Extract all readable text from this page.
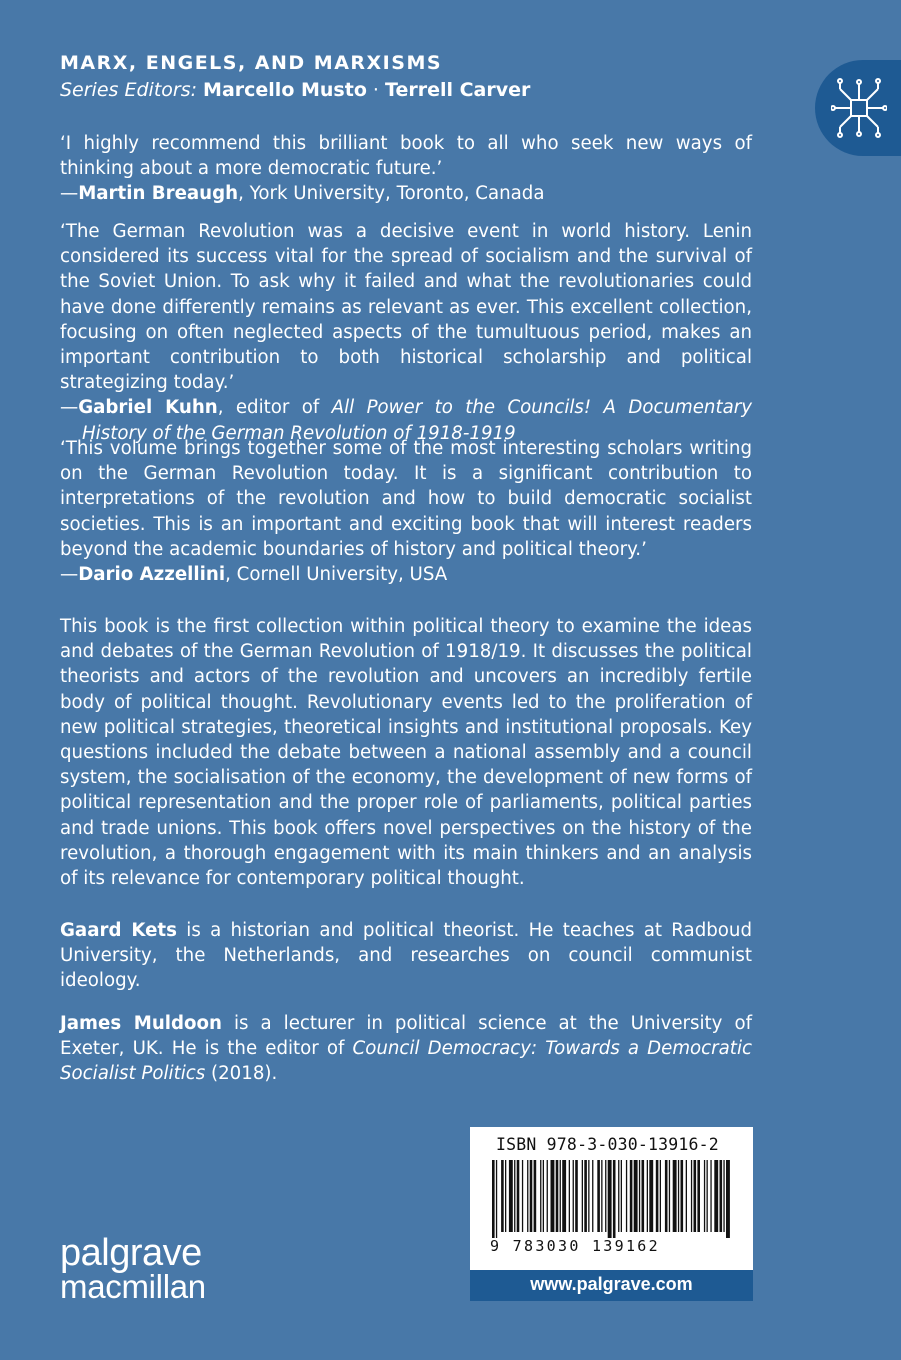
MARX, ENGELS, AND MARXISMS
Series Editors: Marcello Musto · Terrell Carver
‘I highly recommend this brilliant book to all who seek new ways of thinking about a more democratic future.’
—Martin Breaugh, York University, Toronto, Canada
‘The German Revolution was a decisive event in world history. Lenin considered its success vital for the spread of socialism and the survival of the Soviet Union. To ask why it failed and what the revolutionaries could have done differently remains as relevant as ever. This excellent collection, focusing on often neglected aspects of the tumultuous period, makes an important contribution to both historical scholarship and political strategizing today.’
—Gabriel Kuhn, editor of All Power to the Councils! A Documentary History of the German Revolution of 1918-1919
‘This volume brings together some of the most interesting scholars writing on the German Revolution today. It is a significant contribution to interpretations of the revolution and how to build democratic socialist societies. This is an important and exciting book that will interest readers beyond the academic boundaries of history and political theory.’
—Dario Azzellini, Cornell University, USA
This book is the first collection within political theory to examine the ideas and debates of the German Revolution of 1918/19. It discusses the political theorists and actors of the revolution and uncovers an incredibly fertile body of political thought. Revolutionary events led to the proliferation of new political strategies, theoretical insights and institutional proposals. Key questions included the debate between a national assembly and a council system, the socialisation of the economy, the development of new forms of political representation and the proper role of parliaments, political parties and trade unions. This book offers novel perspectives on the history of the revolution, a thorough engagement with its main thinkers and an analysis of its relevance for contemporary political thought.
Gaard Kets is a historian and political theorist. He teaches at Radboud University, the Netherlands, and researches on council communist ideology.
James Muldoon is a lecturer in political science at the University of Exeter, UK. He is the editor of Council Democracy: Towards a Democratic Socialist Politics (2018).
ISBN 978-3-030-13916-2
9 783030 139162
www.palgrave.com
palgrave
macmillan
